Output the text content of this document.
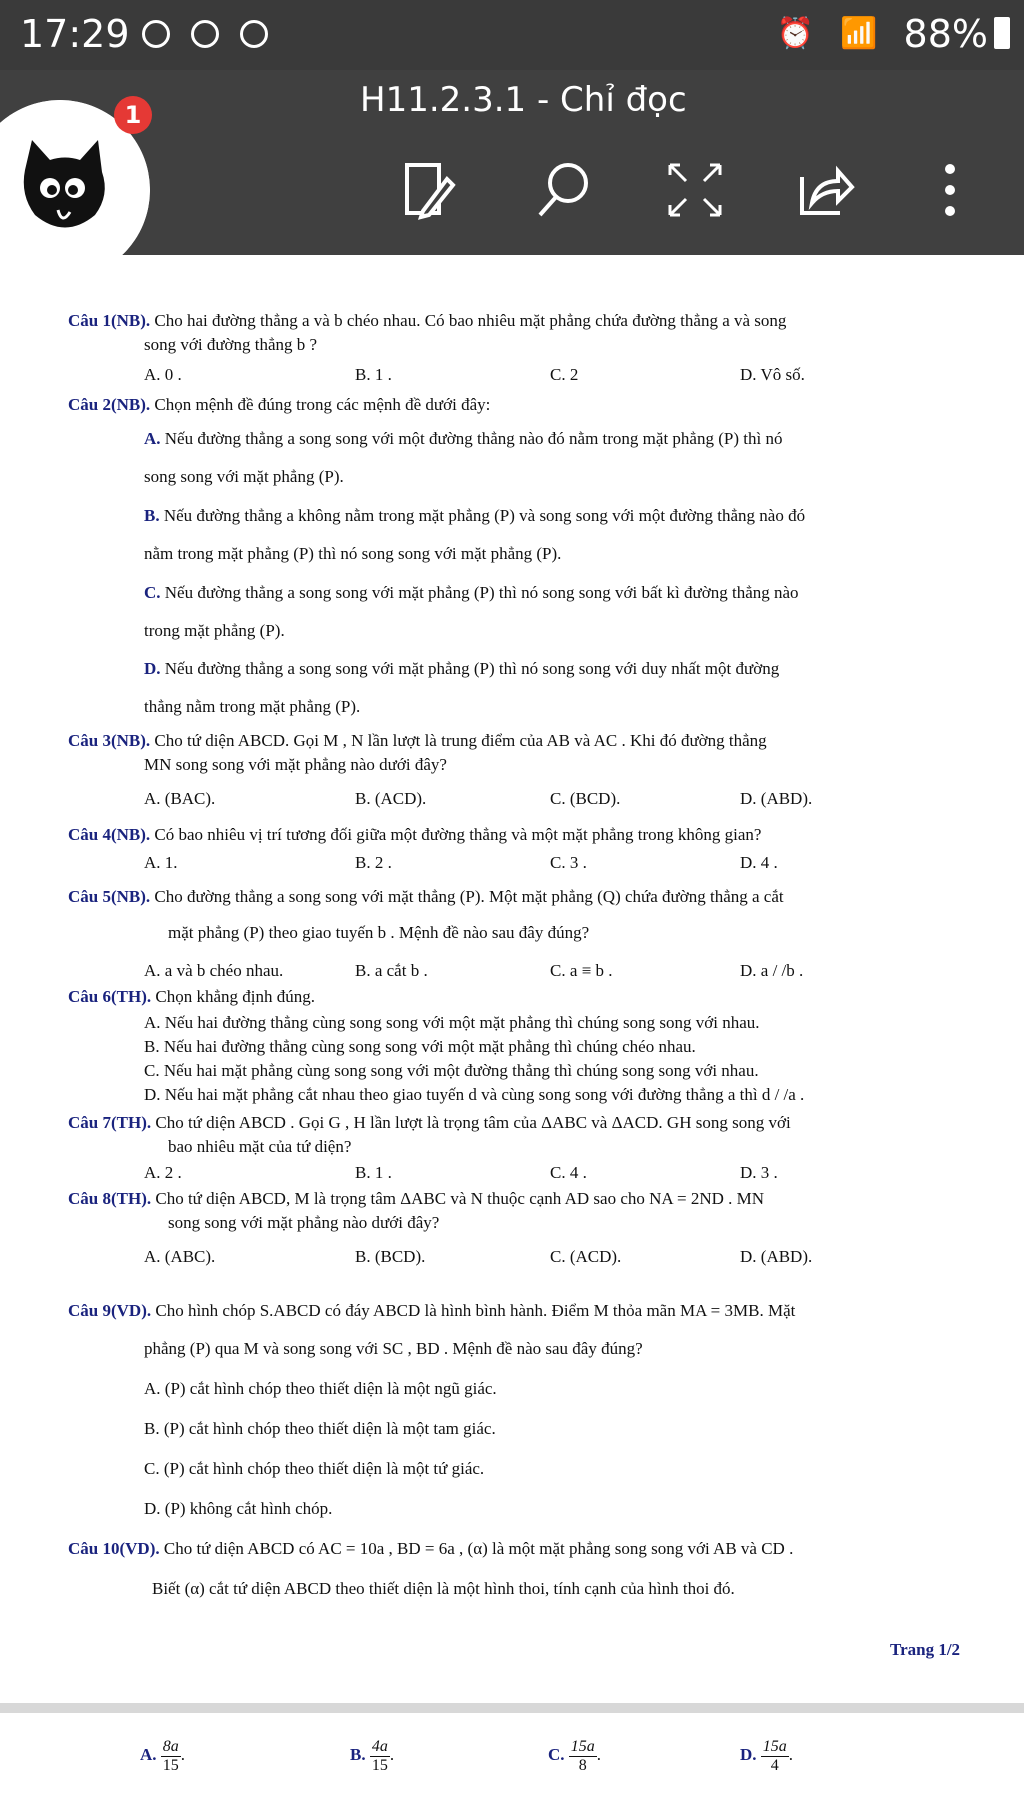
17:29
	⏰ 📶 88%
1	H11.2.3.1 - Chỉ đọc
Câu 1(NB). Cho hai đường thẳng a và b chéo nhau. Có bao nhiêu mặt phẳng chứa đường thẳng a và song
song với đường thẳng b ?
A. 0 .	B. 1 .	C. 2	D. Vô số.
Câu 2(NB). Chọn mệnh đề đúng trong các mệnh đề dưới đây:
A. Nếu đường thẳng a song song với một đường thẳng nào đó nằm trong mặt phẳng (P) thì nó
song song với mặt phẳng (P).
B. Nếu đường thẳng a không nằm trong mặt phẳng (P) và song song với một đường thẳng nào đó
nằm trong mặt phẳng (P) thì nó song song với mặt phẳng (P).
C. Nếu đường thẳng a song song với mặt phẳng (P) thì nó song song với bất kì đường thẳng nào
trong mặt phẳng (P).
D. Nếu đường thẳng a song song với mặt phẳng (P) thì nó song song với duy nhất một đường
thẳng nằm trong mặt phẳng (P).
Câu 3(NB). Cho tứ diện ABCD. Gọi M , N lần lượt là trung điểm của AB và AC . Khi đó đường thẳng
MN song song với mặt phẳng nào dưới đây?
A. (BAC).	B. (ACD).	C. (BCD).	D. (ABD).
Câu 4(NB). Có bao nhiêu vị trí tương đối giữa một đường thẳng và một mặt phẳng trong không gian?
A. 1.	B. 2 .	C. 3 .	D. 4 .
Câu 5(NB). Cho đường thẳng a song song với mặt thẳng (P). Một mặt phẳng (Q) chứa đường thẳng a cắt
mặt phẳng (P) theo giao tuyến b . Mệnh đề nào sau đây đúng?
A. a và b chéo nhau.	B. a cắt b .	C. a ≡ b .	D. a / /b .
Câu 6(TH). Chọn khẳng định đúng.
A. Nếu hai đường thẳng cùng song song với một mặt phẳng thì chúng song song với nhau.
B. Nếu hai đường thẳng cùng song song với một mặt phẳng thì chúng chéo nhau.
C. Nếu hai mặt phẳng cùng song song với một đường thẳng thì chúng song song với nhau.
D. Nếu hai mặt phẳng cắt nhau theo giao tuyến d và cùng song song với đường thẳng a thì d / /a .
Câu 7(TH). Cho tứ diện ABCD . Gọi G , H lần lượt là trọng tâm của ΔABC và ΔACD. GH song song với
bao nhiêu mặt của tứ diện?
A. 2 .	B. 1 .	C. 4 .	D. 3 .
Câu 8(TH). Cho tứ diện ABCD, M là trọng tâm ΔABC và N thuộc cạnh AD sao cho NA = 2ND . MN
song song với mặt phẳng nào dưới đây?
A. (ABC).	B. (BCD).	C. (ACD).	D. (ABD).
Câu 9(VD). Cho hình chóp S.ABCD có đáy ABCD là hình bình hành. Điểm M thỏa mãn MA = 3MB. Mặt
phẳng (P) qua M và song song với SC , BD . Mệnh đề nào sau đây đúng?
A. (P) cắt hình chóp theo thiết diện là một ngũ giác.
B. (P) cắt hình chóp theo thiết diện là một tam giác.
C. (P) cắt hình chóp theo thiết diện là một tứ giác.
D. (P) không cắt hình chóp.
Câu 10(VD). Cho tứ diện ABCD có AC = 10a , BD = 6a , (α) là một mặt phẳng song song với AB và CD .
Biết (α) cắt tứ diện ABCD theo thiết diện là một hình thoi, tính cạnh của hình thoi đó.
Trang 1/2
A. $\frac{8a}{15}$ .	B. $\frac{4a}{15}$ .	C. $\frac{15a}{8}$ .	D. $\frac{15a}{4}$ .
